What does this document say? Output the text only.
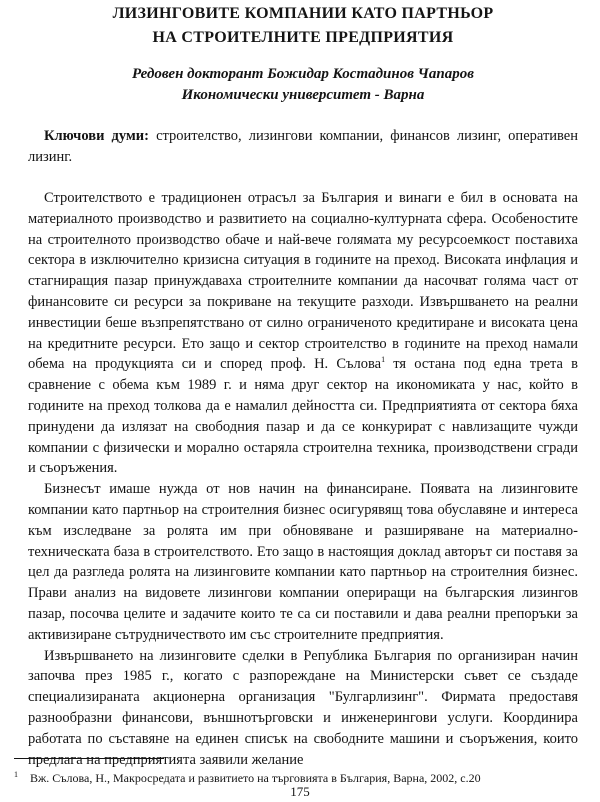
ЛИЗИНГОВИТЕ КОМПАНИИ КАТО ПАРТНЬОР
НА СТРОИТЕЛНИТЕ ПРЕДПРИЯТИЯ
Редовен докторант Божидар Костадинов Чапаров
Икономически университет - Варна

Ключови думи: строителство, лизингови компании, финансов лизинг, оперативен лизинг.

Строителството е традиционен отрасъл за България и винаги е бил в основата на материалното производство и развитието на социално-културната сфера. Особеностите на строителното производство обаче и най-вече голямата му ресурсоемкост поставиха сектора в изключително кризисна ситуация в годините на преход. Високата инфлация и стагниращия пазар принуждаваха строителните компании да насочват голяма част от финансовите си ресурси за покриване на текущите разходи. Извършването на реални инвестиции беше възпрепятствано от силно ограниченото кредитиране и високата цена на кредитните ресурси. Ето защо и сектор строителство в годините на преход намали обема на продукцията си и според проф. Н. Сълова$^1$ тя остана под една трета в сравнение с обема към 1989 г. и няма друг сектор на икономиката у нас, който в годините на преход толкова да е намалил дейността си. Предприятията от сектора бяха принудени да излязат на свободния пазар и да се конкурират с навлизащите чужди компании с физически и морално остаряла строителна техника, производствени сгради и съоръжения.

Бизнесът имаше нужда от нов начин на финансиране. Появата на лизинговите компании като партньор на строителния бизнес осигурявящ това обуславяне и интереса към изследване за ролята им при обновяване и разширяване на материално-техническата база в строителството. Ето защо в настоящия доклад авторът си поставя за цел да разгледа ролята на лизинговите компании като партньор на строителния бизнес. Прави анализ на видовете лизингови компании опериращи на българския лизингов пазар, посочва целите и задачите които те са си поставили и дава реални препоръки за активизиране сътрудничеството им със строителните предприятия.

Извършването на лизинговите сделки в Република България по организиран начин започва през 1985 г., когато с разпореждане на Министерски съвет се създаде специализираната акционерна организация "Булгарлизинг". Фирмата предоставя разнообразни финансови, външнотърговски и инженерингови услуги. Координира работата по съставяне на единен списък на свободните машини и съоръжения, които предлага на предприятията заявили желание

$^1$ Вж. Сълова, Н., Макросредата и развитието на търговията в България, Варна, 2002, с.20
175
